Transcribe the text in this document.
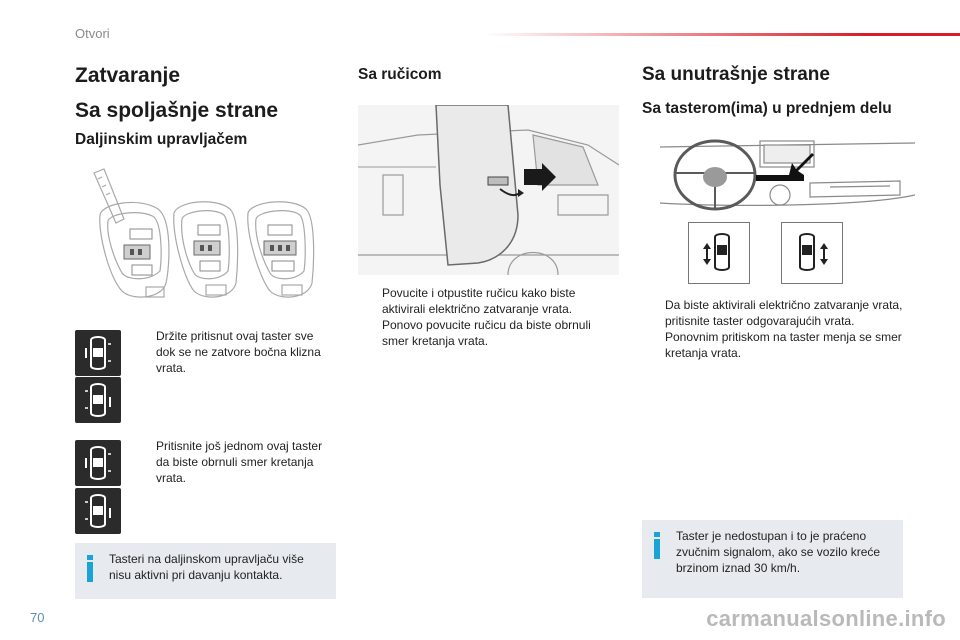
Otvori
Zatvaranje
Sa spoljašnje strane
Daljinskim upravljačem
Držite pritisnut ovaj taster sve dok se ne zatvore bočna klizna vrata.
Pritisnite još jednom ovaj taster da biste obrnuli smer kretanja vrata.
Tasteri na daljinskom upravljaču više nisu aktivni pri davanju kontakta.
Sa ručicom
Povucite i otpustite ručicu kako biste aktivirali električno zatvaranje vrata.
Ponovo povucite ručicu da biste obrnuli smer kretanja vrata.
Sa unutrašnje strane
Sa tasterom(ima) u prednjem delu
Da biste aktivirali električno zatvaranje vrata, pritisnite taster odgovarajućih vrata.
Ponovnim pritiskom na taster menja se smer kretanja vrata.
Taster je nedostupan i to je praćeno zvučnim signalom, ako se vozilo kreće brzinom iznad 30 km/h.
70	carmanualsonline.info
